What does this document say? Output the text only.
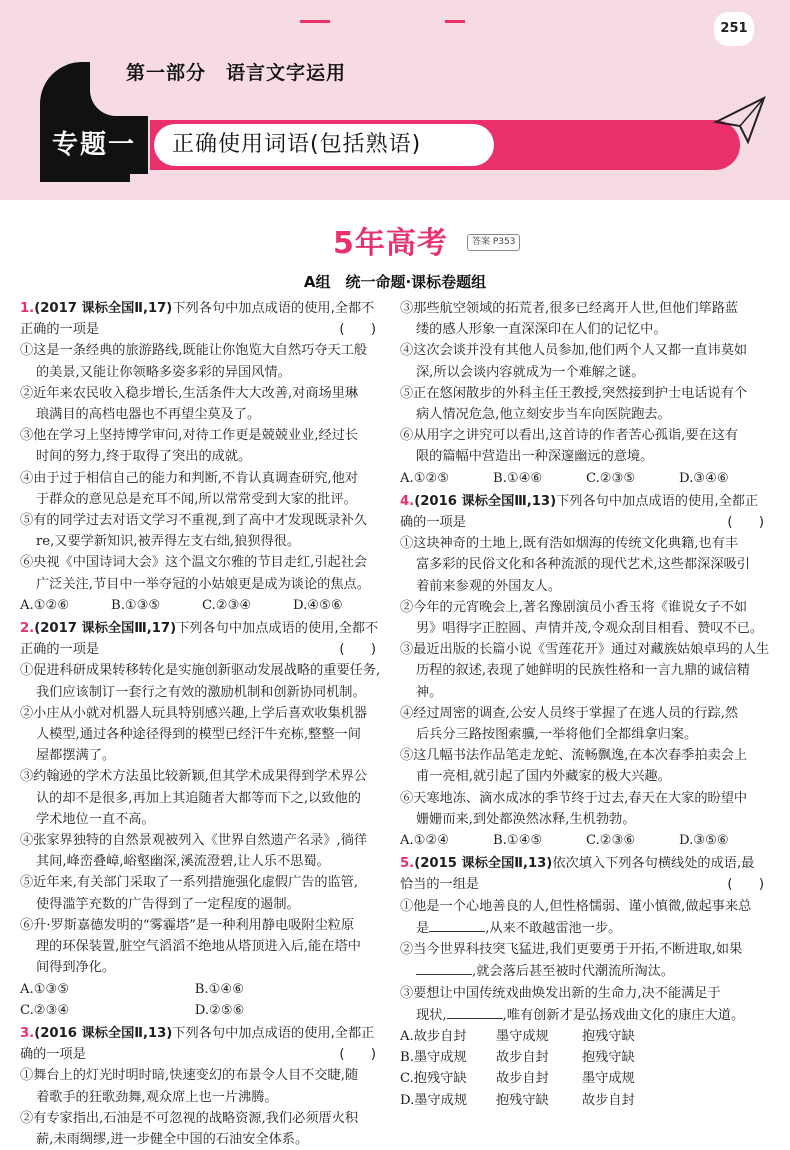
251
第一部分　语言文字运用
专题一	正确使用词语(包括熟语)
5年高考	答案 P353
A组　统一命题·课标卷题组

1.(2017 课标全国Ⅱ,17)下列各句中加点成语的使用,全都不

正确的一项是	(　　)

①这是一条经典的旅游路线,既能让你饱览大自然巧夺天工般

的美景,又能让你领略多姿多彩的异国风情。

②近年来农民收入稳步增长,生活条件大大改善,对商场里琳

琅满目的高档电器也不再望尘莫及了。

③他在学习上坚持博学审问,对待工作更是兢兢业业,经过长

时间的努力,终于取得了突出的成就。

④由于过于相信自己的能力和判断,不肯认真调查研究,他对

于群众的意见总是充耳不闻,所以常常受到大家的批评。

⑤有的同学过去对语文学习不重视,到了高中才发现既录补久

re,又要学新知识,被弄得左支右绌,狼狈得很。

⑥央视《中国诗词大会》这个温文尔雅的节目走红,引起社会

广泛关注,节目中一举夺冠的小姑娘更是成为谈论的焦点。

A.①②⑥	B.①③⑤	C.②③④	D.④⑤⑥

2.(2017 课标全国Ⅲ,17)下列各句中加点成语的使用,全都不

正确的一项是	(　　)

①促进科研成果转移转化是实施创新驱动发展战略的重要任务,

我们应该制订一套行之有效的激励机制和创新协同机制。

②小庄从小就对机器人玩具特别感兴趣,上学后喜欢收集机器

人模型,通过各种途径得到的模型已经汗牛充栋,整整一间

屋都摆满了。

③约翰逊的学术方法虽比较新颖,但其学术成果得到学术界公

认的却不是很多,再加上其追随者大都等而下之,以致他的

学术地位一直不高。

④张家界独特的自然景观被列入《世界自然遗产名录》,徜徉

其间,峰峦叠嶂,峪壑幽深,溪流澄碧,让人乐不思蜀。

⑤近年来,有关部门采取了一系列措施强化虚假广告的监管,

使得滥竽充数的广告得到了一定程度的遏制。

⑥升·罗斯嘉德发明的“雾霾塔”是一种利用静电吸附尘粒原

理的环保装置,脏空气滔滔不绝地从塔顶进入后,能在塔中

间得到净化。

A.①③⑤	B.①④⑥
C.②③④	D.②⑤⑥

3.(2016 课标全国Ⅱ,13)下列各句中加点成语的使用,全都正

确的一项是	(　　)

①舞台上的灯光时明时暗,快速变幻的布景令人目不交睫,随

着歌手的狂歌劲舞,观众席上也一片沸腾。

②有专家指出,石油是不可忽视的战略资源,我们必须厝火积

薪,未雨绸缪,进一步健全中国的石油安全体系。

③那些航空领域的拓荒者,很多已经离开人世,但他们筚路蓝

缕的感人形象一直深深印在人们的记忆中。

④这次会谈并没有其他人员参加,他们两个人又都一直讳莫如

深,所以会谈内容就成为一个难解之谜。

⑤正在悠闲散步的外科主任王教授,突然接到护士电话说有个

病人情况危急,他立刻安步当车向医院跑去。

⑥从用字之讲究可以看出,这首诗的作者苦心孤诣,要在这有

限的篇幅中营造出一种深邃幽远的意境。

A.①②⑤	B.①④⑥	C.②③⑤	D.③④⑥

4.(2016 课标全国Ⅲ,13)下列各句中加点成语的使用,全都正

确的一项是	(　　)

①这块神奇的土地上,既有浩如烟海的传统文化典籍,也有丰

富多彩的民俗文化和各种流派的现代艺术,这些都深深吸引

着前来参观的外国友人。

②今年的元宵晚会上,著名豫剧演员小香玉将《谁说女子不如

男》唱得字正腔圆、声情并茂,令观众刮目相看、赞叹不已。

③最近出版的长篇小说《雪莲花开》通过对藏族姑娘卓玛的人生

历程的叙述,表现了她鲜明的民族性格和一言九鼎的诚信精神。

④经过周密的调查,公安人员终于掌握了在逃人员的行踪,然

后兵分三路按图索骥,一举将他们全都缉拿归案。

⑤这几幅书法作品笔走龙蛇、流畅飘逸,在本次春季拍卖会上

甫一亮相,就引起了国内外藏家的极大兴趣。

⑥天寒地冻、滴水成冰的季节终于过去,春天在大家的盼望中

姗姗而来,到处都涣然冰释,生机勃勃。

A.①②④	B.①④⑤	C.②③⑥	D.③⑤⑥

5.(2015 课标全国Ⅱ,13)依次填入下列各句横线处的成语,最

恰当的一组是	(　　)

①他是一个心地善良的人,但性格懦弱、谨小慎微,做起事来总

是	,从来不敢越雷池一步。

②当今世界科技突飞猛进,我们更要勇于开拓,不断进取,如果

,就会落后甚至被时代潮流所淘汰。

③要想让中国传统戏曲焕发出新的生命力,决不能满足于

现状,	,唯有创新才是弘扬戏曲文化的康庄大道。

A.故步自封	墨守成规	抱残守缺
B.墨守成规	故步自封	抱残守缺
C.抱残守缺	故步自封	墨守成规
D.墨守成规	抱残守缺	故步自封
